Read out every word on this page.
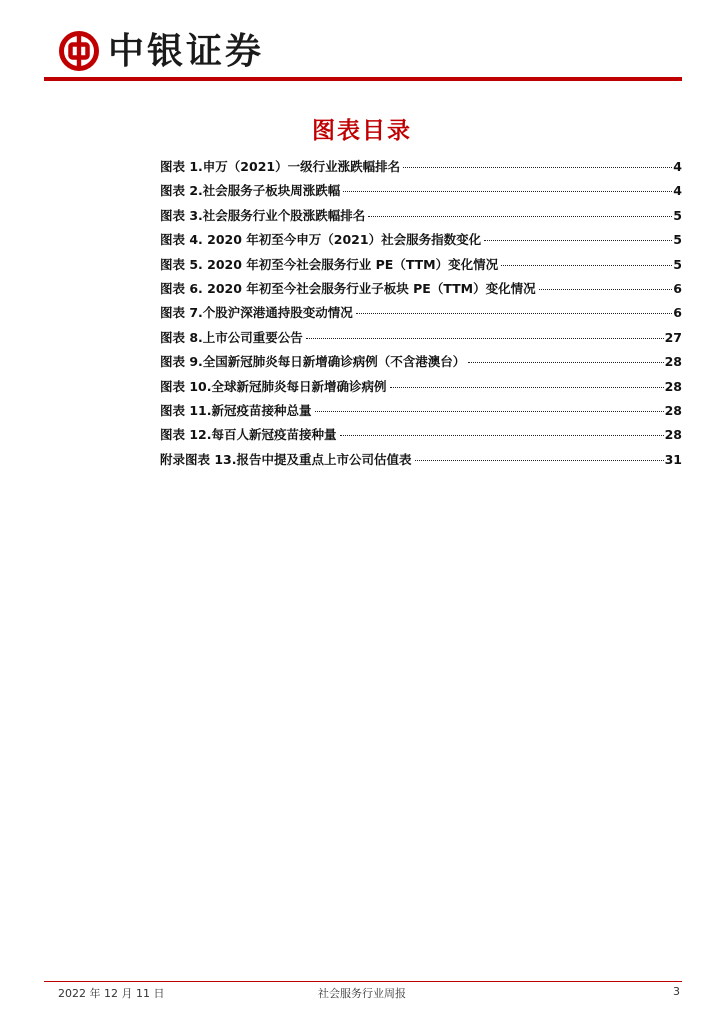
中银证券
图表目录
图表 1.申万（2021）一级行业涨跌幅排名	4
图表 2.社会服务子板块周涨跌幅	4
图表 3.社会服务行业个股涨跌幅排名	5
图表 4. 2020 年初至今申万（2021）社会服务指数变化	5
图表 5. 2020 年初至今社会服务行业 PE（TTM）变化情况	5
图表 6. 2020 年初至今社会服务行业子板块 PE（TTM）变化情况	6
图表 7.个股沪深港通持股变动情况	6
图表 8.上市公司重要公告	27
图表 9.全国新冠肺炎每日新增确诊病例（不含港澳台）	28
图表 10.全球新冠肺炎每日新增确诊病例	28
图表 11.新冠疫苗接种总量	28
图表 12.每百人新冠疫苗接种量	28
附录图表 13.报告中提及重点上市公司估值表	31
2022 年 12 月 11 日	社会服务行业周报	3
